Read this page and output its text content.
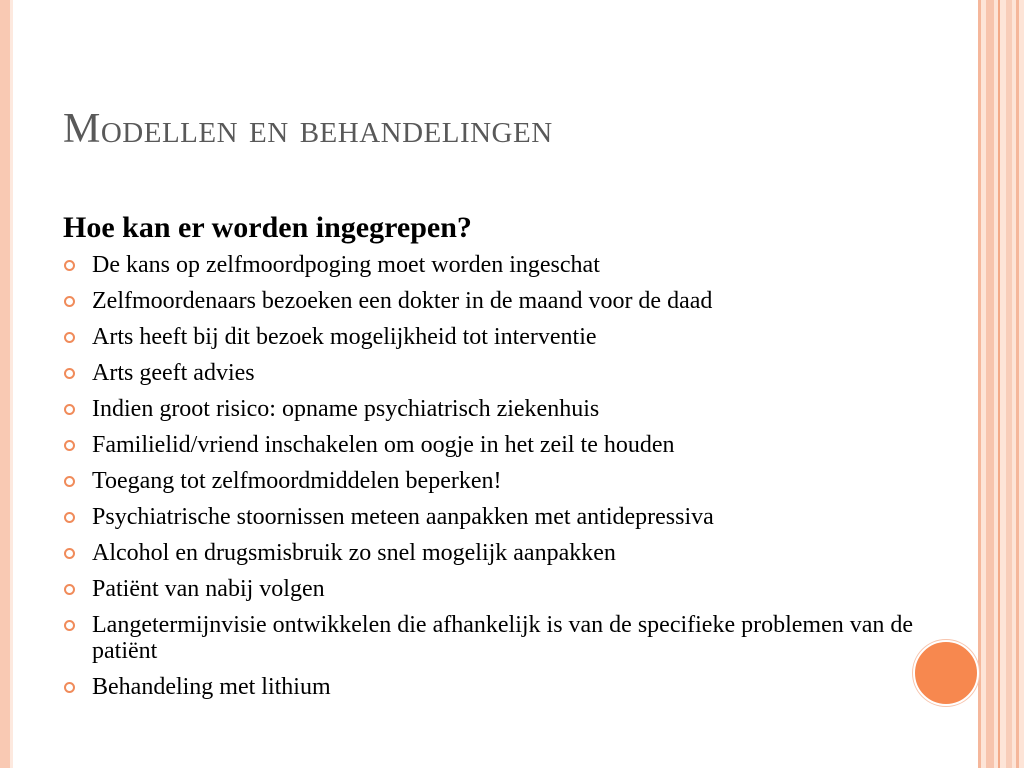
Modellen en behandelingen
Hoe kan er worden ingegrepen?
De kans op zelfmoordpoging moet worden ingeschat
Zelfmoordenaars bezoeken een dokter in de maand voor de daad
Arts heeft bij dit bezoek mogelijkheid tot interventie
Arts geeft advies
Indien groot risico: opname psychiatrisch ziekenhuis
Familielid/vriend inschakelen om oogje in het zeil te houden
Toegang tot zelfmoordmiddelen beperken!
Psychiatrische stoornissen meteen aanpakken met antidepressiva
Alcohol en drugsmisbruik zo snel mogelijk aanpakken
Patiënt van nabij volgen
Langetermijnvisie ontwikkelen die afhankelijk is van de specifieke problemen van de patiënt
Behandeling met lithium
